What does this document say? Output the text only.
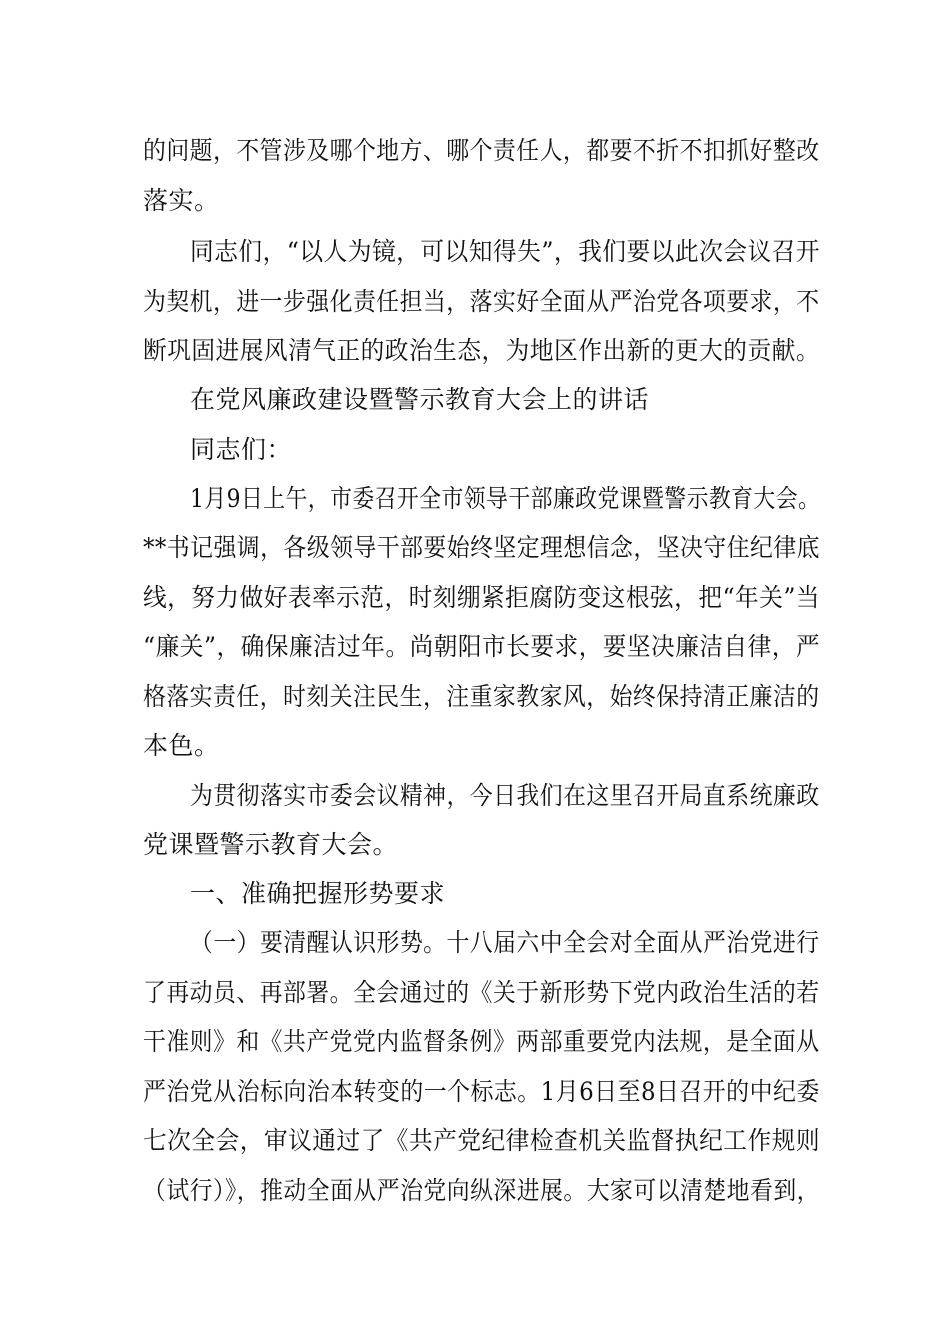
的问题，不管涉及哪个地方、哪个责任人，都要不折不扣抓好整改
落实。
同志们，“以人为镜，可以知得失”，我们要以此次会议召开
为契机，进一步强化责任担当，落实好全面从严治党各项要求，不
断巩固进展风清气正的政治生态，为地区作出新的更大的贡献。
在党风廉政建设暨警示教育大会上的讲话
同志们：
1月9日上午，市委召开全市领导干部廉政党课暨警示教育大会。
**书记强调，各级领导干部要始终坚定理想信念，坚决守住纪律底
线，努力做好表率示范，时刻绷紧拒腐防变这根弦，把“年关”当
“廉关”，确保廉洁过年。尚朝阳市长要求，要坚决廉洁自律，严
格落实责任，时刻关注民生，注重家教家风，始终保持清正廉洁的
本色。
为贯彻落实市委会议精神，今日我们在这里召开局直系统廉政
党课暨警示教育大会。
一、准确把握形势要求
（一）要清醒认识形势。十八届六中全会对全面从严治党进行
了再动员、再部署。全会通过的《关于新形势下党内政治生活的若
干准则》和《共产党党内监督条例》两部重要党内法规，是全面从
严治党从治标向治本转变的一个标志。1月6日至8日召开的中纪委
七次全会，审议通过了《共产党纪律检查机关监督执纪工作规则
（试行）》，推动全面从严治党向纵深进展。大家可以清楚地看到，
